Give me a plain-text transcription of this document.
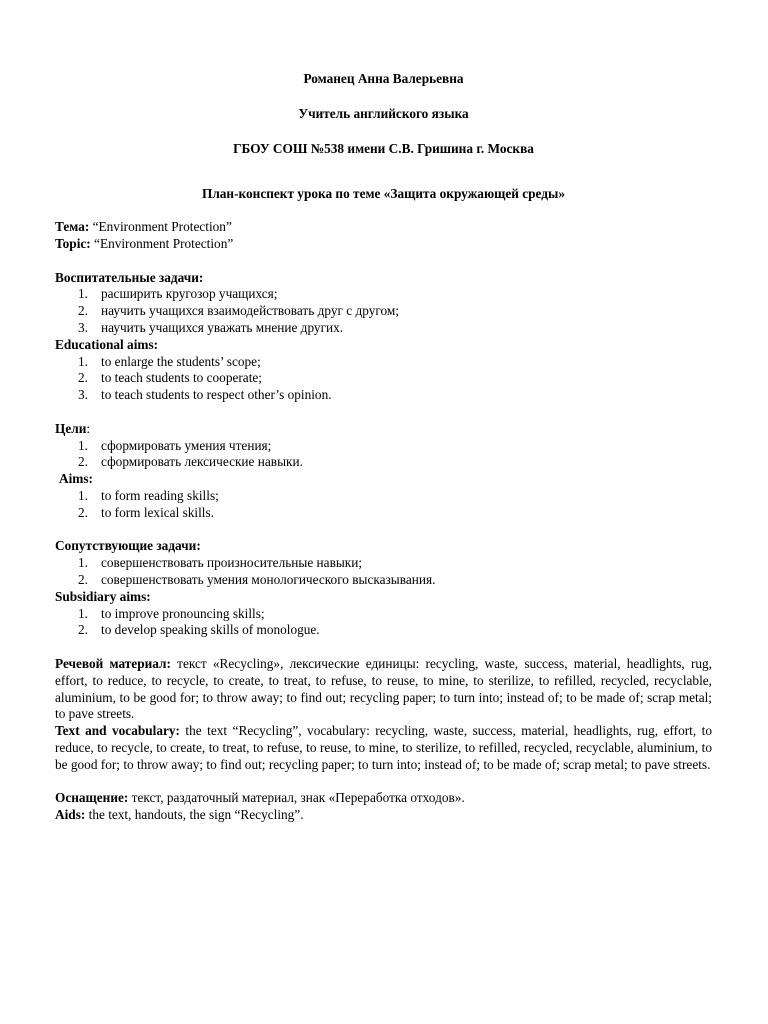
Романец Анна Валерьевна

Учитель английского языка

ГБОУ СОШ №538 имени С.В. Гришина г. Москва

План-конспект урока по теме «Защита окружающей среды»

Тема: “Environment Protection”

Topic: “Environment Protection”

Воспитательные задачи:

1. расширить кругозор учащихся;
2. научить учащихся взаимодействовать друг с другом;
3. научить учащихся уважать мнение других.

Educational aims:

1. to enlarge the students’ scope;
2. to teach students to cooperate;
3. to teach students to respect other’s opinion.

Цели:

1. сформировать умения чтения;
2. сформировать лексические навыки.

Aims:

1. to form reading skills;
2. to form lexical skills.

Сопутствующие задачи:

1. совершенствовать произносительные навыки;
2. совершенствовать умения монологического высказывания.

Subsidiary aims:

1. to improve pronouncing skills;
2. to develop speaking skills of monologue.

Речевой материал: текст «Recycling», лексические единицы: recycling, waste, success, material, headlights, rug, effort, to reduce, to recycle, to create, to treat, to refuse, to reuse, to mine, to sterilize, to refilled, recycled, recyclable, aluminium, to be good for; to throw away; to find out; recycling paper; to turn into; instead of; to be made of; scrap metal; to pave streets.

Text and vocabulary: the text “Recycling”, vocabulary: recycling, waste, success, material, headlights, rug, effort, to reduce, to recycle, to create, to treat, to refuse, to reuse, to mine, to sterilize, to refilled, recycled, recyclable, aluminium, to be good for; to throw away; to find out; recycling paper; to turn into; instead of; to be made of; scrap metal; to pave streets.

Оснащение: текст, раздаточный материал, знак «Переработка отходов».

Aids: the text, handouts, the sign “Recycling”.
